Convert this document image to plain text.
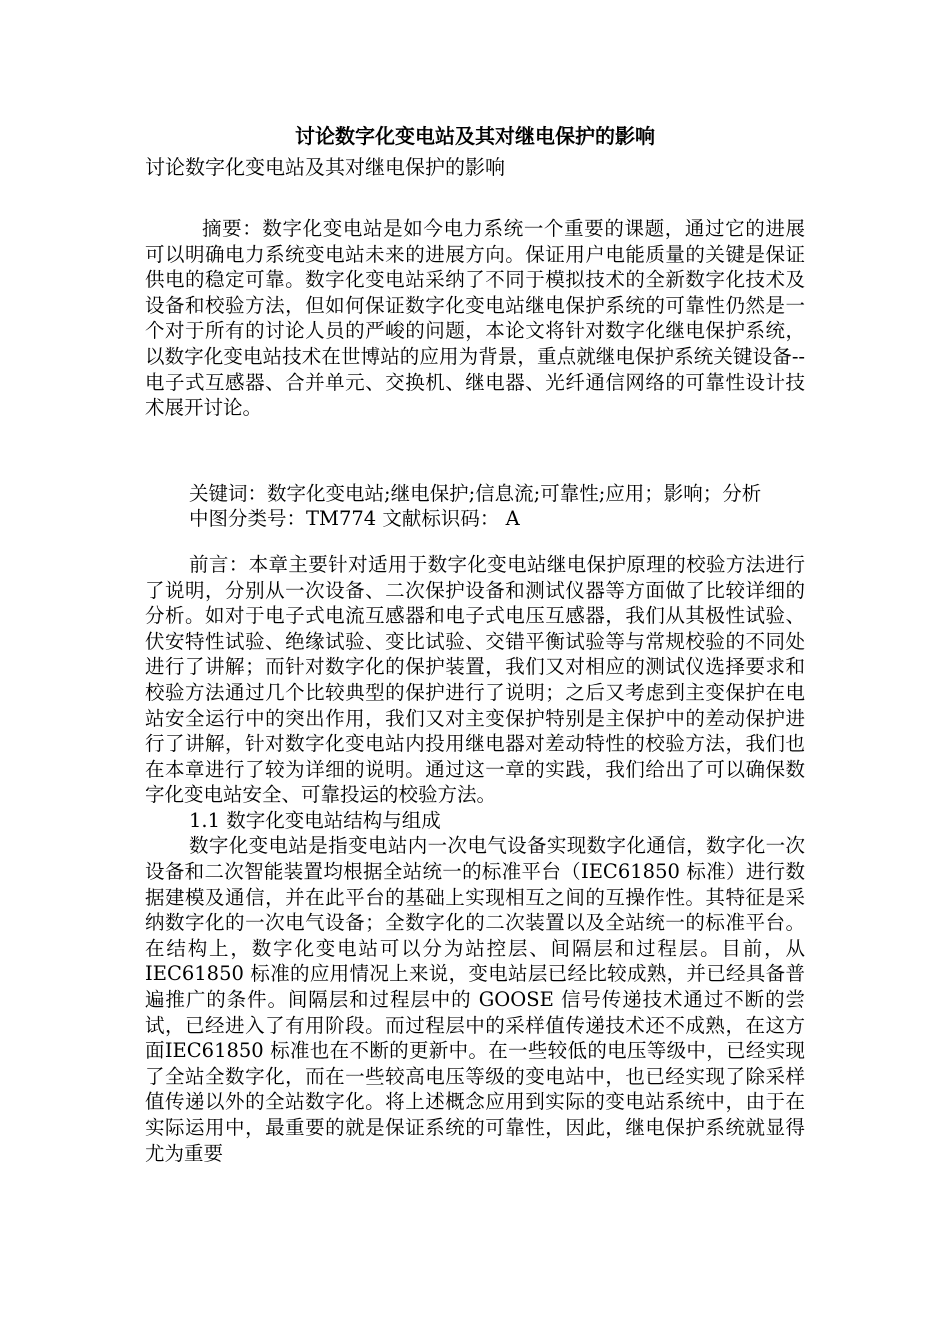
讨论数字化变电站及其对继电保护的影响

讨论数字化变电站及其对继电保护的影响

摘要：数字化变电站是如今电力系统一个重要的课题，通过它的进展可以明确电力系统变电站未来的进展方向。保证用户电能质量的关键是保证供电的稳定可靠。数字化变电站采纳了不同于模拟技术的全新数字化技术及设备和校验方法，但如何保证数字化变电站继电保护系统的可靠性仍然是一个对于所有的讨论人员的严峻的问题，本论文将针对数字化继电保护系统，以数字化变电站技术在世博站的应用为背景，重点就继电保护系统关键设备--电子式互感器、合并单元、交换机、继电器、光纤通信网络的可靠性设计技术展开讨论。

关键词：数字化变电站;继电保护;信息流;可靠性;应用；影响；分析

中图分类号：TM774 文献标识码： A

前言：本章主要针对适用于数字化变电站继电保护原理的校验方法进行了说明，分别从一次设备、二次保护设备和测试仪器等方面做了比较详细的分析。如对于电子式电流互感器和电子式电压互感器，我们从其极性试验、伏安特性试验、绝缘试验、变比试验、交错平衡试验等与常规校验的不同处进行了讲解；而针对数字化的保护装置，我们又对相应的测试仪选择要求和校验方法通过几个比较典型的保护进行了说明；之后又考虑到主变保护在电站安全运行中的突出作用，我们又对主变保护特别是主保护中的差动保护进行了讲解，针对数字化变电站内投用继电器对差动特性的校验方法，我们也在本章进行了较为详细的说明。通过这一章的实践，我们给出了可以确保数字化变电站安全、可靠投运的校验方法。

1.1 数字化变电站结构与组成

数字化变电站是指变电站内一次电气设备实现数字化通信，数字化一次设备和二次智能装置均根据全站统一的标准平台（IEC61850 标准）进行数据建模及通信，并在此平台的基础上实现相互之间的互操作性。其特征是采纳数字化的一次电气设备；全数字化的二次装置以及全站统一的标准平台。在结构上，数字化变电站可以分为站控层、间隔层和过程层。目前，从 IEC61850 标准的应用情况上来说，变电站层已经比较成熟，并已经具备普遍推广的条件。间隔层和过程层中的 GOOSE 信号传递技术通过不断的尝试，已经进入了有用阶段。而过程层中的采样值传递技术还不成熟，在这方面IEC61850 标准也在不断的更新中。在一些较低的电压等级中，已经实现了全站全数字化，而在一些较高电压等级的变电站中，也已经实现了除采样值传递以外的全站数字化。将上述概念应用到实际的变电站系统中，由于在实际运用中，最重要的就是保证系统的可靠性，因此，继电保护系统就显得尤为重要
